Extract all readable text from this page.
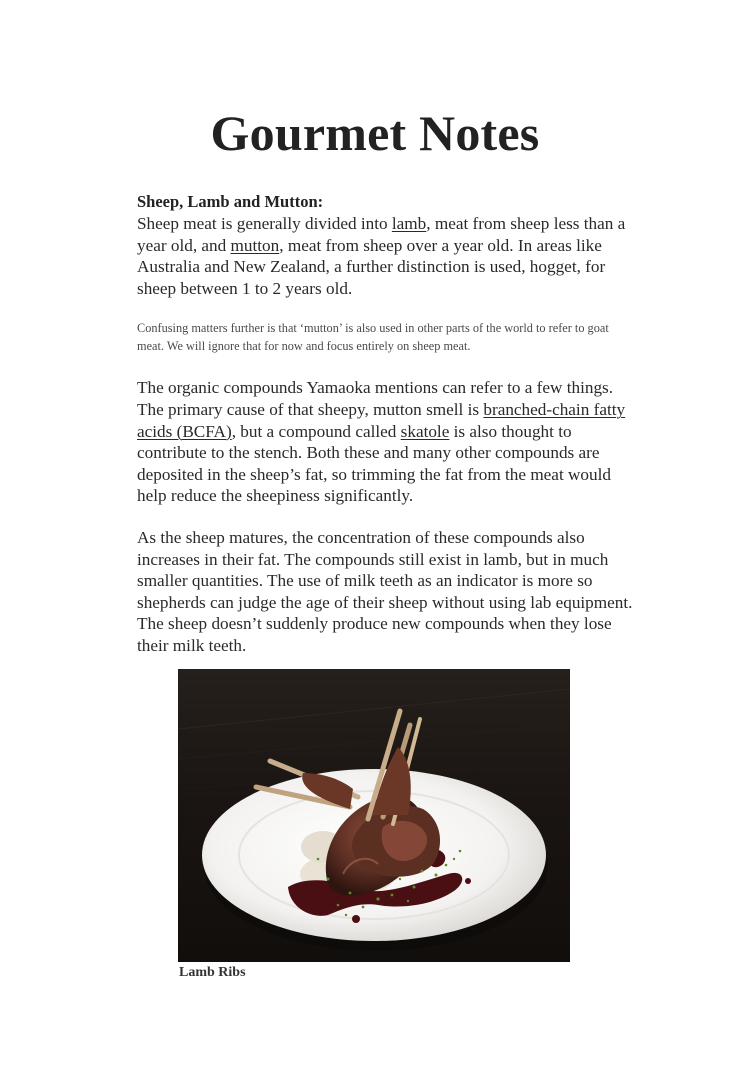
Gourmet Notes

Sheep, Lamb and Mutton:

Sheep meat is generally divided into lamb, meat from sheep less than a year old, and mutton, meat from sheep over a year old. In areas like Australia and New Zealand, a further distinction is used, hogget, for sheep between 1 to 2 years old.

Confusing matters further is that ‘mutton’ is also used in other parts of the world to refer to goat meat. We will ignore that for now and focus entirely on sheep meat.

The organic compounds Yamaoka mentions can refer to a few things. The primary cause of that sheepy, mutton smell is branched-chain fatty acids (BCFA), but a compound called skatole is also thought to contribute to the stench. Both these and many other compounds are deposited in the sheep’s fat, so trimming the fat from the meat would help reduce the sheepiness significantly.

As the sheep matures, the concentration of these compounds also increases in their fat. The compounds still exist in lamb, but in much smaller quantities. The use of milk teeth as an indicator is more so shepherds can judge the age of their sheep without using lab equipment. The sheep doesn’t suddenly produce new compounds when they lose their milk teeth.

Lamb Ribs
